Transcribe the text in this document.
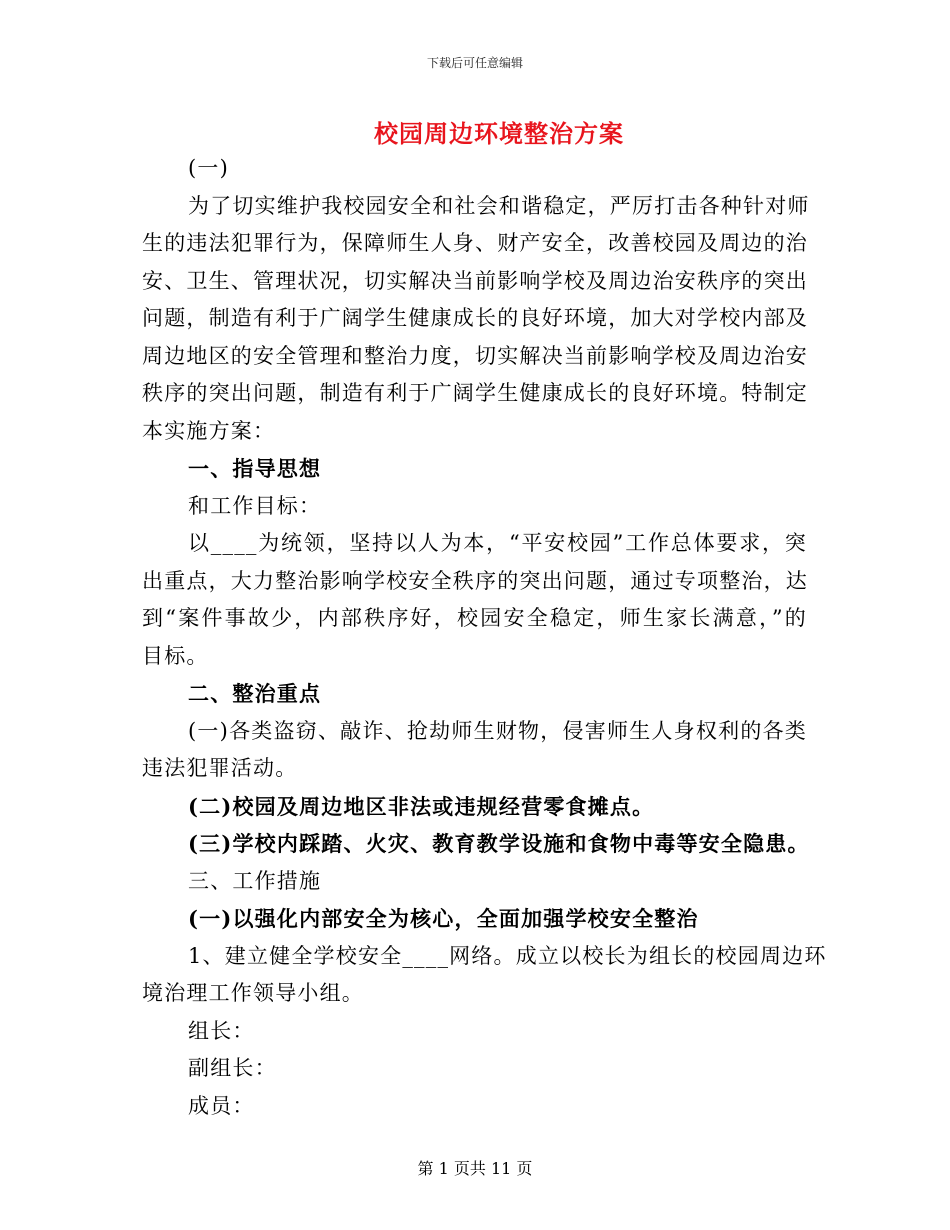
下载后可任意编辑
校园周边环境整治方案
(一)
为了切实维护我校园安全和社会和谐稳定，严厉打击各种针对师
生的违法犯罪行为，保障师生人身、财产安全，改善校园及周边的治
安、卫生、管理状况，切实解决当前影响学校及周边治安秩序的突出
问题，制造有利于广阔学生健康成长的良好环境，加大对学校内部及
周边地区的安全管理和整治力度，切实解决当前影响学校及周边治安
秩序的突出问题，制造有利于广阔学生健康成长的良好环境。特制定
本实施方案：
一、指导思想
和工作目标：
以____为统领，坚持以人为本，“平安校园”工作总体要求，突
出重点，大力整治影响学校安全秩序的突出问题，通过专项整治，达
到“案件事故少，内部秩序好，校园安全稳定，师生家长满意，”的
目标。
二、整治重点
(一)各类盗窃、敲诈、抢劫师生财物，侵害师生人身权利的各类
违法犯罪活动。
(二)校园及周边地区非法或违规经营零食摊点。
(三)学校内踩踏、火灾、教育教学设施和食物中毒等安全隐患。
三、工作措施
(一)以强化内部安全为核心，全面加强学校安全整治
1、建立健全学校安全____网络。成立以校长为组长的校园周边环
境治理工作领导小组。
组长：
副组长：
成员：
第 1 页共 11 页
